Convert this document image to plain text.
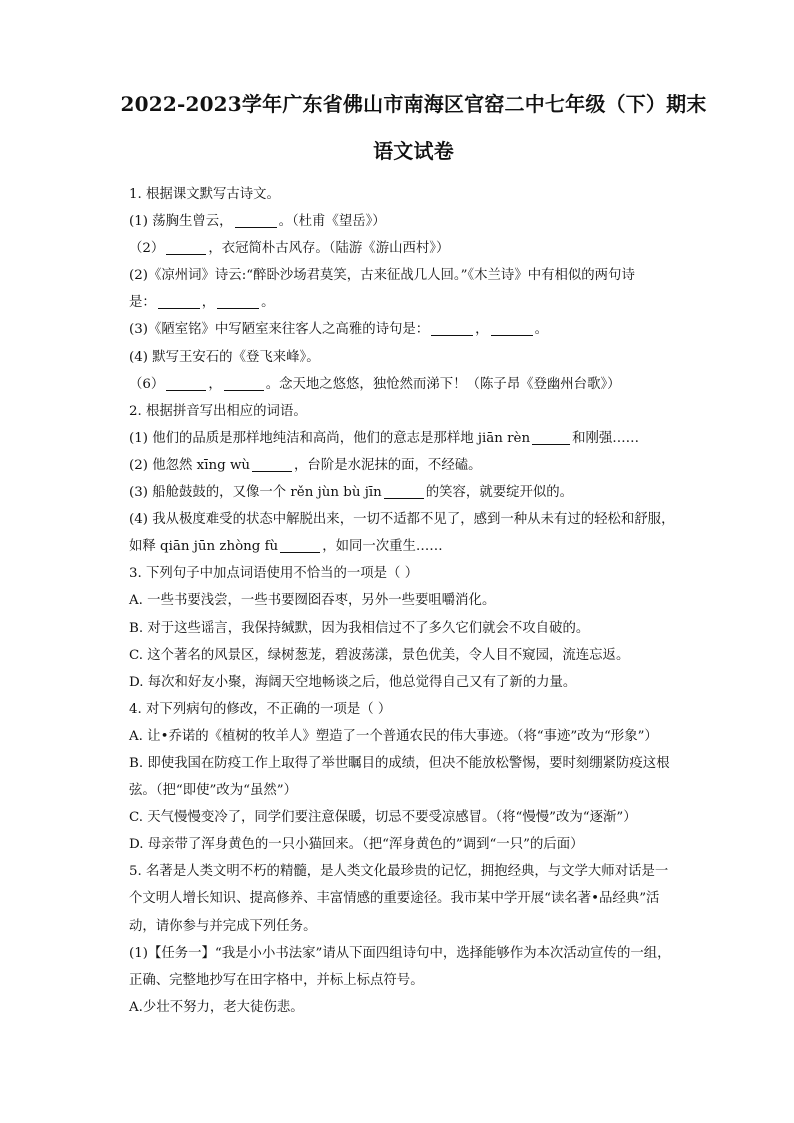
2022-2023学年广东省佛山市南海区官窑二中七年级（下）期末
语文试卷
1. 根据课文默写古诗文。
(1) 荡胸生曾云，	。（杜甫《望岳》）
（2）	，衣冠简朴古风存。（陆游《游山西村》）
(2)《凉州词》诗云:“醉卧沙场君莫笑，古来征战几人回。”《木兰诗》中有相似的两句诗
是：	，	。
(3)《陋室铭》中写陋室来往客人之高雅的诗句是：	，	。
(4) 默写王安石的《登飞来峰》。
（6）	，	。念天地之悠悠，独怆然而涕下！（陈子昂《登幽州台歌》）
2. 根据拼音写出相应的词语。
(1) 他们的品质是那样地纯洁和高尚，他们的意志是那样地 jiān rèn	和刚强……
(2) 他忽然 xīng wù	，台阶是水泥抹的面，不经磕。
(3) 船舱鼓鼓的，又像一个 rěn jùn bù jīn	的笑容，就要绽开似的。
(4) 我从极度难受的状态中解脱出来，一切不适都不见了，感到一种从未有过的轻松和舒服，
如释 qiān jūn zhòng fù	，如同一次重生……
3. 下列句子中加点词语使用不恰当的一项是（ ）
A. 一些书要浅尝，一些书要囫囵吞枣，另外一些要咀嚼消化。
B. 对于这些谣言，我保持缄默，因为我相信过不了多久它们就会不攻自破的。
C. 这个著名的风景区，绿树葱茏，碧波荡漾，景色优美，令人目不窥园，流连忘返。
D. 每次和好友小聚，海阔天空地畅谈之后，他总觉得自己又有了新的力量。
4. 对下列病句的修改，不正确的一项是（ ）
A. 让•乔诺的《植树的牧羊人》塑造了一个普通农民的伟大事迹。（将“事迹”改为“形象”）
B. 即使我国在防疫工作上取得了举世瞩目的成绩，但决不能放松警惕，要时刻绷紧防疫这根
弦。（把“即使”改为“虽然”）
C. 天气慢慢变冷了，同学们要注意保暖，切忌不要受凉感冒。（将“慢慢”改为“逐渐”）
D. 母亲带了浑身黄色的一只小猫回来。（把“浑身黄色的”调到“一只”的后面）
5. 名著是人类文明不朽的精髓，是人类文化最珍贵的记忆，拥抱经典，与文学大师对话是一
个文明人增长知识、提高修养、丰富情感的重要途径。我市某中学开展“读名著•品经典”活
动，请你参与并完成下列任务。
(1)【任务一】“我是小小书法家”请从下面四组诗句中，选择能够作为本次活动宣传的一组，
正确、完整地抄写在田字格中，并标上标点符号。
A.少壮不努力，老大徒伤悲。
